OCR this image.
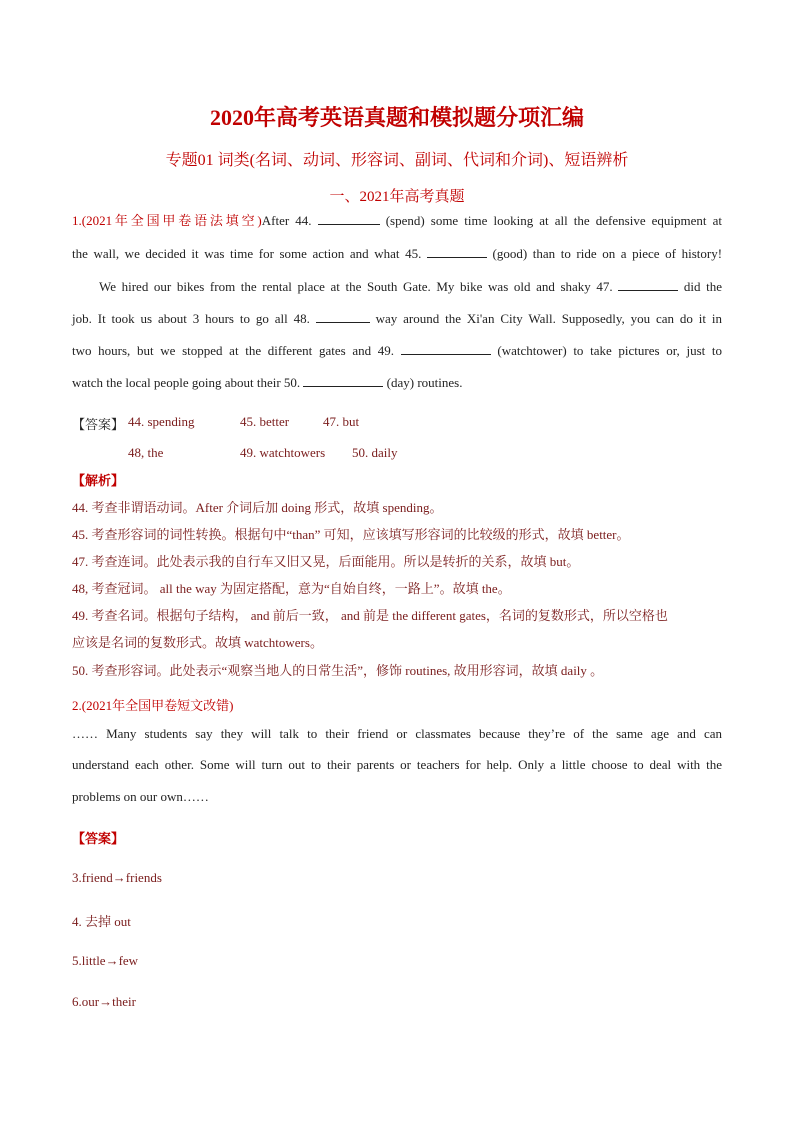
2020年高考英语真题和模拟题分项汇编
专题01 词类(名词、动词、形容词、副词、代词和介词)、短语辨析
一、2021年高考真题
1.(2021年全国甲卷语法填空)After 44.	(spend) some time looking at all the defensive equipment at
the wall, we decided it was time for some action and what 45.	(good) than to ride on a piece of history!
We hired our bikes from the rental place at the South Gate. My bike was old and shaky 47.	did the
job. It took us about 3 hours to go all 48.	way around the Xi'an City Wall. Supposedly, you can do it in
two hours, but we stopped at the different gates and 49.	(watchtower) to take pictures or, just to
watch the local people going about their 50.	(day) routines.
【答案】 44. spending	45. better	47. but
48, the	49. watchtowers 50. daily
【解析】
44. 考查非谓语动词。After 介词后加 doing 形式，故填 spending。
45. 考查形容词的词性转换。根据句中“than” 可知，应该填写形容词的比较级的形式，故填 better。
47. 考查连词。此处表示我的自行车又旧又晃，后面能用。所以是转折的关系，故填 but。
48, 考查冠词。 all the way 为固定搭配，意为“自始自终，一路上”。故填 the。
49. 考查名词。根据句子结构， and 前后一致， and 前是 the different gates，名词的复数形式，所以空格也
应该是名词的复数形式。故填 watchtowers。
50. 考查形容词。此处表示“观察当地人的日常生活”，修饰 routines, 故用形容词，故填 daily 。
2.(2021年全国甲卷短文改错)
…… Many students say they will talk to their friend or classmates because they’re of the same age and can
understand each other. Some will turn out to their parents or teachers for help. Only a little choose to deal with the
problems on our own……
【答案】
3.friend→friends
4. 去掉 out
5.little→few
6.our→their
